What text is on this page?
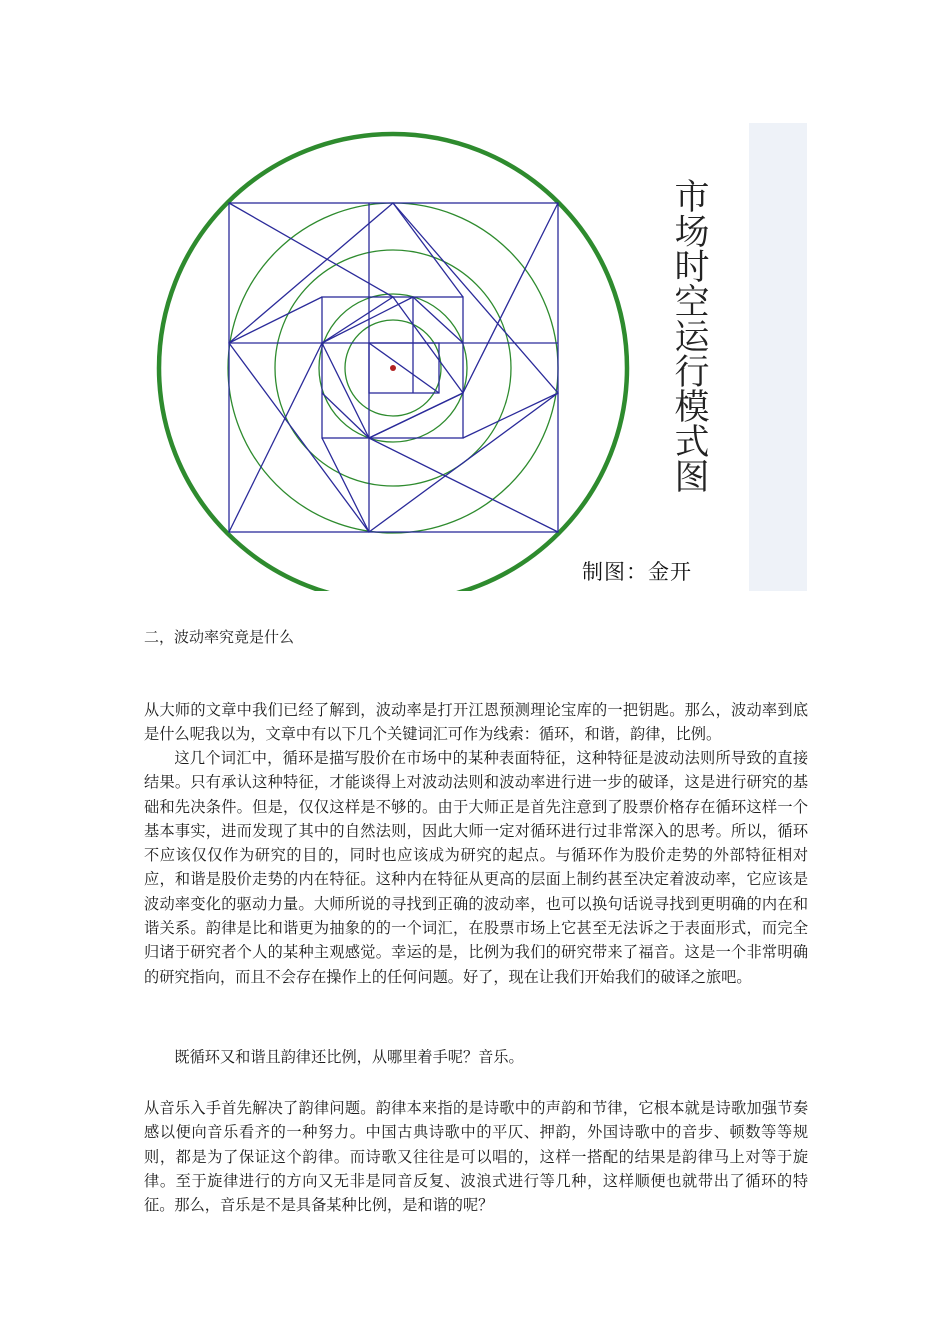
市场时空运行模式图
制图：金开
二，波动率究竟是什么
从大师的文章中我们已经了解到，波动率是打开江恩预测理论宝库的一把钥匙。那么，波动率到底是什么呢我以为，文章中有以下几个关键词汇可作为线索：循环，和谐，韵律，比例。
这几个词汇中，循环是描写股价在市场中的某种表面特征，这种特征是波动法则所导致的直接结果。只有承认这种特征，才能谈得上对波动法则和波动率进行进一步的破译，这是进行研究的基础和先决条件。但是，仅仅这样是不够的。由于大师正是首先注意到了股票价格存在循环这样一个基本事实，进而发现了其中的自然法则，因此大师一定对循环进行过非常深入的思考。所以，循环不应该仅仅作为研究的目的，同时也应该成为研究的起点。与循环作为股价走势的外部特征相对应，和谐是股价走势的内在特征。这种内在特征从更高的层面上制约甚至决定着波动率，它应该是波动率变化的驱动力量。大师所说的寻找到正确的波动率，也可以换句话说寻找到更明确的内在和谐关系。韵律是比和谐更为抽象的的一个词汇，在股票市场上它甚至无法诉之于表面形式，而完全归诸于研究者个人的某种主观感觉。幸运的是，比例为我们的研究带来了福音。这是一个非常明确的研究指向，而且不会存在操作上的任何问题。好了，现在让我们开始我们的破译之旅吧。
既循环又和谐且韵律还比例，从哪里着手呢？音乐。
从音乐入手首先解决了韵律问题。韵律本来指的是诗歌中的声韵和节律，它根本就是诗歌加强节奏感以便向音乐看齐的一种努力。中国古典诗歌中的平仄、押韵，外国诗歌中的音步、顿数等等规则，都是为了保证这个韵律。而诗歌又往往是可以唱的，这样一搭配的结果是韵律马上对等于旋律。至于旋律进行的方向又无非是同音反复、波浪式进行等几种，这样顺便也就带出了循环的特征。那么，音乐是不是具备某种比例，是和谐的呢？
